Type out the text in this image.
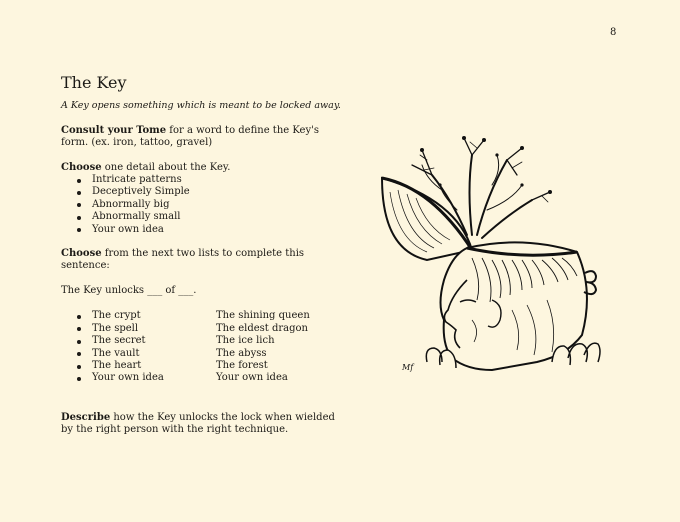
8
The Key

A Key opens something which is meant to be locked away.

Consult your Tome for a word to define the Key's form. (ex. iron, tattoo, gravel)

Choose one detail about the Key.

Intricate patterns
Deceptively Simple
Abnormally big
Abnormally small
Your own idea

Choose from the next two lists to complete this sentence:

The Key unlocks ___ of ___.

The crypt
The spell
The secret
The vault
The heart
Your own idea
The shining queen
The eldest dragon
The ice lich
The abyss
The forest
Your own idea

Describe how the Key unlocks the lock when wielded by the right person with the right technique.

Mf
